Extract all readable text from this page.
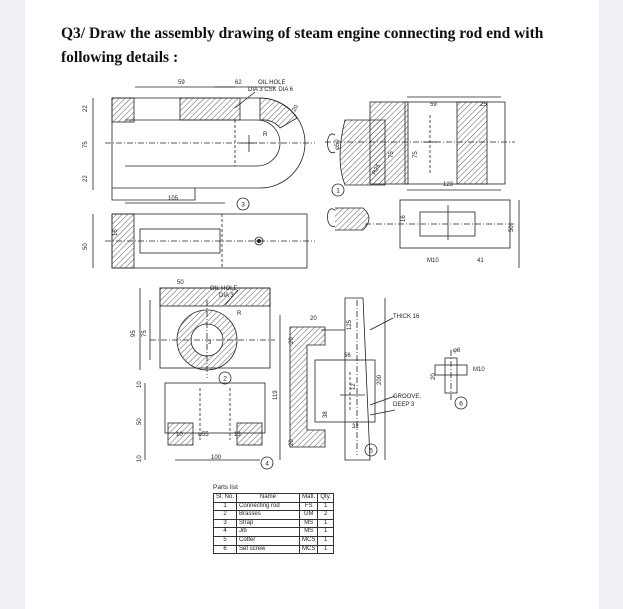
Q3/ Draw the assembly drawing of steam engine connecting rod end with following details :
OIL HOLE
DIA 3 CSK DIA 6
OIL HOLE
DIA 3
THICK 16
GROOVE,
DEEP 3
59	62
22
75
22
105
50
16
R
20	59	25
φ50
R25
75	75
123
16
M10	41
50
50
95 75
R
3
10
50
10	φ55	13
10	100
20
119
20
20
125
56
12
200
38
32
φ6
M10
20
1
2
3
4
5
6
Parts list
Sl. No.	Name	Matl.	Qty.
1	Connecting rod	FS	1
2	Brasses	GM	2
3	Strap	MS	1
4	Jib	MS	1
5	Cotter	MCS	1
6	Set screw	MCS	1
